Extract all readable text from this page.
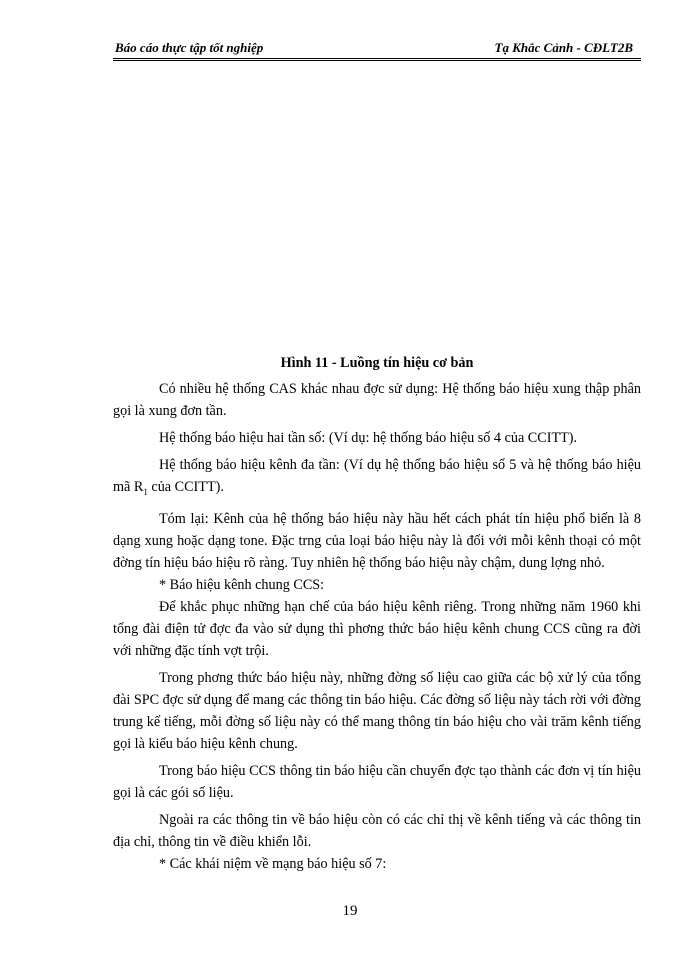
Báo cáo thực tập tốt nghiệp	Tạ Khắc Cảnh - CĐLT2B
Hình 11 - Luồng tín hiệu cơ bản

Có nhiều hệ thống CAS khác nhau đợc sử dụng: Hệ thống báo hiệu xung thập phân gọi là xung đơn tần.

Hệ thống báo hiệu hai tần số: (Ví dụ: hệ thống báo hiệu số 4 của CCITT).

Hệ thống báo hiệu kênh đa tần: (Ví dụ hệ thống báo hiệu số 5 và hệ thống báo hiệu mã $R_1$ của CCITT).

Tóm lại: Kênh của hệ thống báo hiệu này hầu hết cách phát tín hiệu phổ biến là 8 dạng xung hoặc dạng tone. Đặc trng của loại báo hiệu này là đối với mỗi kênh thoại có một đờng tín hiệu báo hiệu rõ ràng. Tuy nhiên hệ thống báo hiệu này chậm, dung lợng nhỏ.

* Báo hiệu kênh chung CCS:

Để khắc phục những hạn chế của báo hiệu kênh riêng. Trong những năm 1960 khi tổng đài điện tử đợc đa vào sử dụng thì phơng thức báo hiệu kênh chung CCS cũng ra đời với những đặc tính vợt trội.

Trong phơng thức báo hiệu này, những đờng số liệu cao giữa các bộ xử lý của tổng đài SPC đợc sử dụng để mang các thông tin báo hiệu. Các đờng số liệu này tách rời với đờng trung kế tiếng, mỗi đờng số liệu này có thể mang thông tin báo hiệu cho vài trăm kênh tiếng gọi là kiểu báo hiệu kênh chung.

Trong báo hiệu CCS thông tin báo hiệu cần chuyển đợc tạo thành các đơn vị tín hiệu gọi là các gói số liệu.

Ngoài ra các thông tin về báo hiệu còn có các chỉ thị về kênh tiếng và các thông tin địa chỉ, thông tin về điều khiển lỗi.

* Các khái niệm về mạng báo hiệu số 7:

19
